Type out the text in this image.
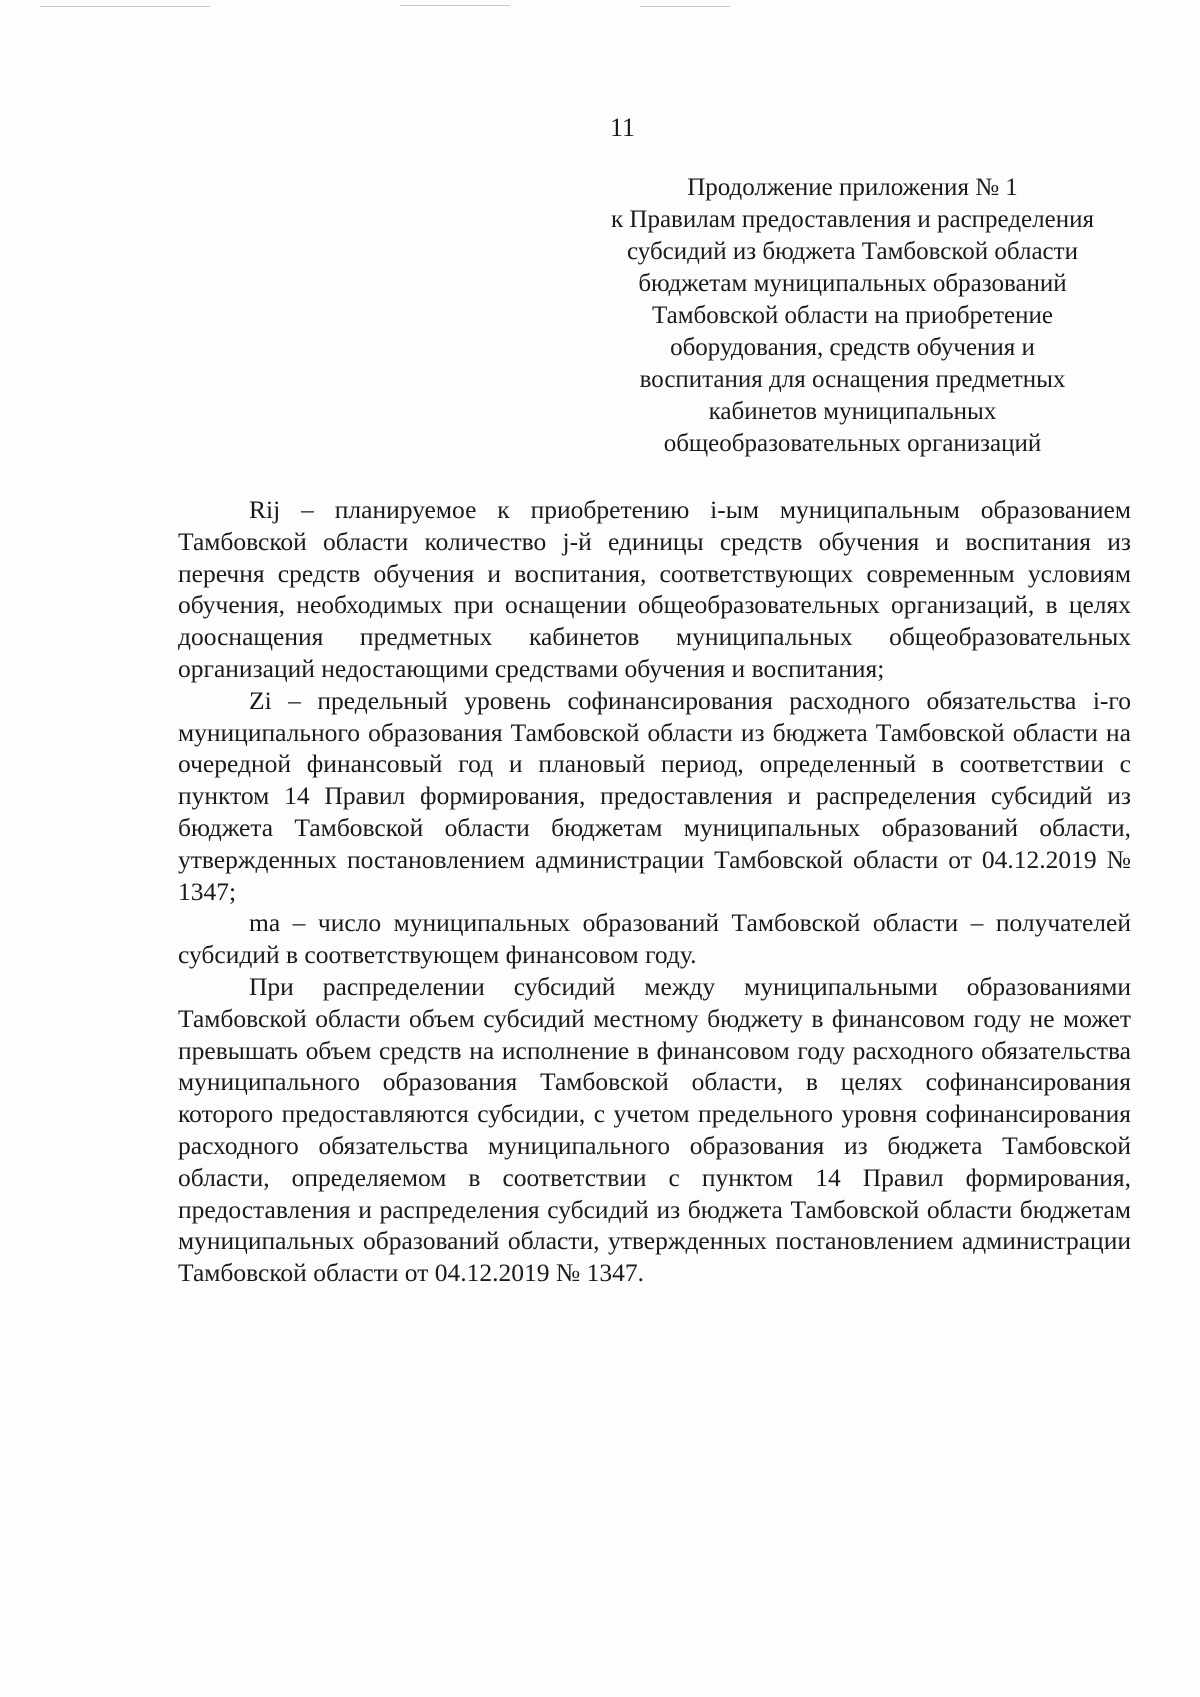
11
Продолжение приложения № 1
к Правилам предоставления и распределения
субсидий из бюджета Тамбовской области
бюджетам муниципальных образований
Тамбовской области на приобретение
оборудования, средств обучения и
воспитания для оснащения предметных
кабинетов муниципальных
общеобразовательных организаций

Rij – планируемое к приобретению i-ым муниципальным образованием Тамбовской области количество j-й единицы средств обучения и воспитания из перечня средств обучения и воспитания, соответствующих современным условиям обучения, необходимых при оснащении общеобразовательных организаций, в целях дооснащения предметных кабинетов муниципальных общеобразовательных организаций недостающими средствами обучения и воспитания;

Zi – предельный уровень софинансирования расходного обязательства i-го муниципального образования Тамбовской области из бюджета Тамбовской области на очередной финансовый год и плановый период, определенный в соответствии с пунктом 14 Правил формирования, предоставления и распределения субсидий из бюджета Тамбовской области бюджетам муниципальных образований области, утвержденных постановлением администрации Тамбовской области от 04.12.2019 № 1347;

ma – число муниципальных образований Тамбовской области – получателей субсидий в соответствующем финансовом году.

При распределении субсидий между муниципальными образованиями Тамбовской области объем субсидий местному бюджету в финансовом году не может превышать объем средств на исполнение в финансовом году расходного обязательства муниципального образования Тамбовской области, в целях софинансирования которого предоставляются субсидии, с учетом предельного уровня софинансирования расходного обязательства муниципального образования из бюджета Тамбовской области, определяемом в соответствии с пунктом 14 Правил формирования, предоставления и распределения субсидий из бюджета Тамбовской области бюджетам муниципальных образований области, утвержденных постановлением администрации Тамбовской области от 04.12.2019 № 1347.
